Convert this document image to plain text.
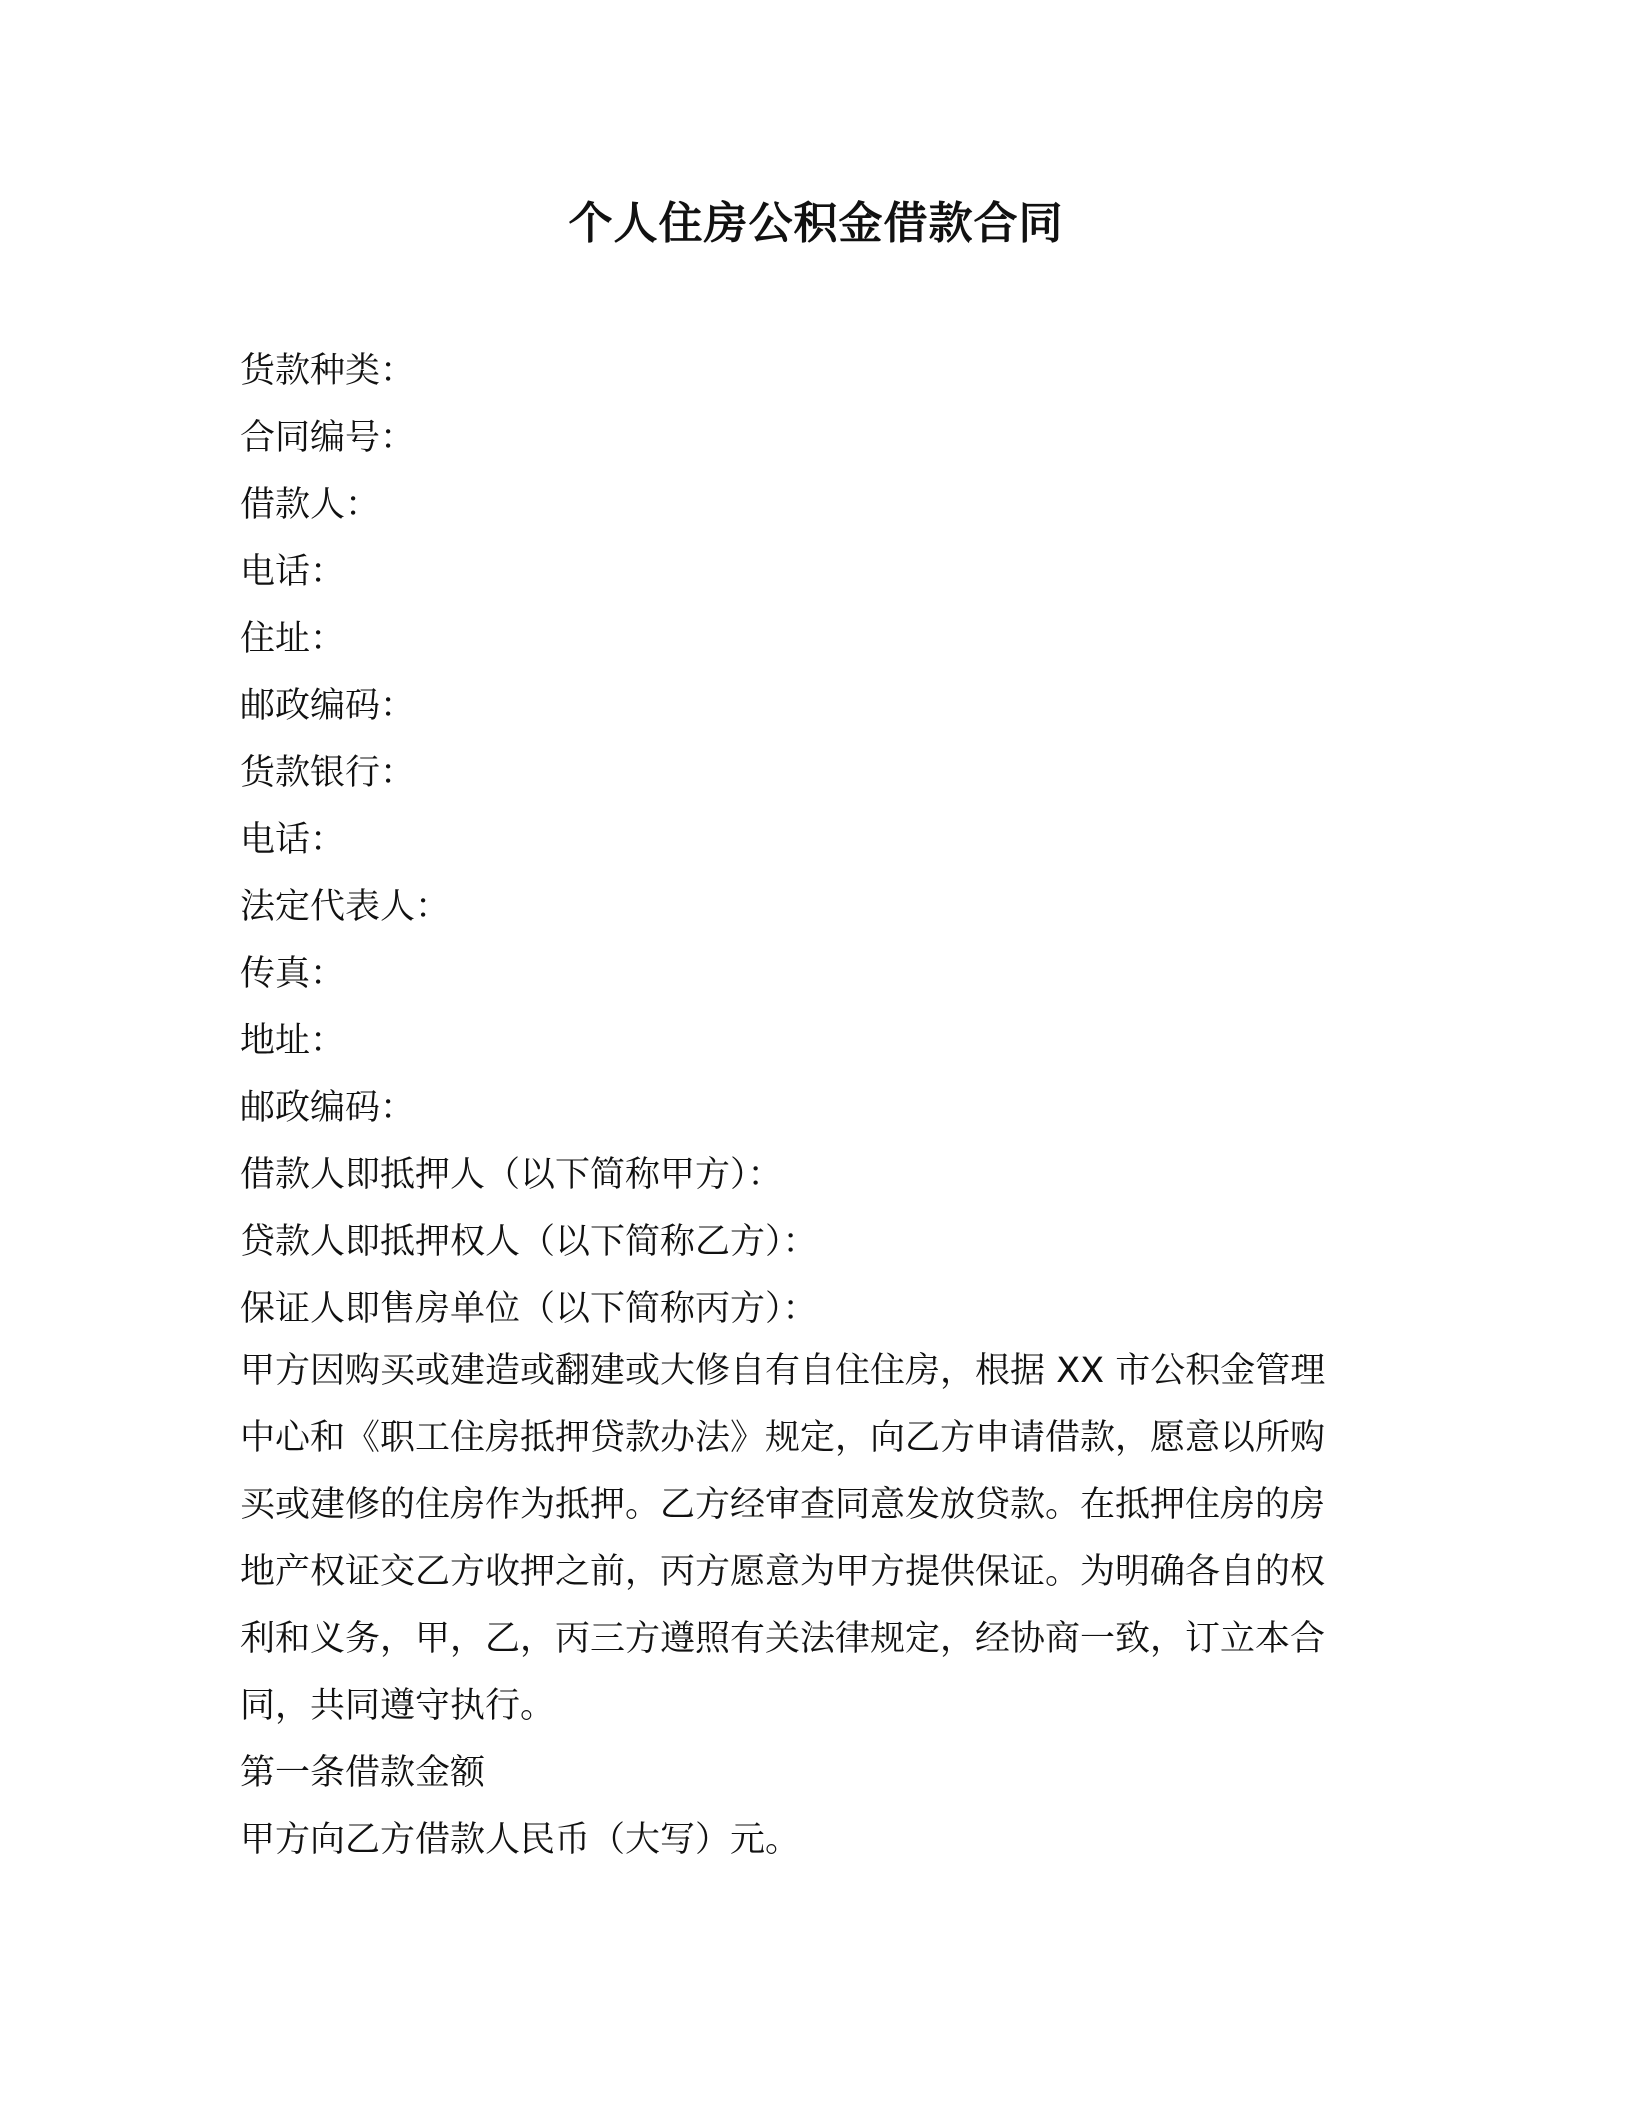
个人住房公积金借款合同
货款种类：
合同编号：
借款人：
电话：
住址：
邮政编码：
货款银行：
电话：
法定代表人：
传真：
地址：
邮政编码：
借款人即抵押人（以下简称甲方）：
贷款人即抵押权人（以下简称乙方）：
保证人即售房单位（以下简称丙方）：
甲方因购买或建造或翻建或大修自有自住住房，根据 XX 市公积金管理
中心和《职工住房抵押贷款办法》规定，向乙方申请借款，愿意以所购
买或建修的住房作为抵押。乙方经审查同意发放贷款。在抵押住房的房
地产权证交乙方收押之前，丙方愿意为甲方提供保证。为明确各自的权
利和义务，甲，乙，丙三方遵照有关法律规定，经协商一致，订立本合
同，共同遵守执行。
第一条借款金额
甲方向乙方借款人民币（大写）元。
